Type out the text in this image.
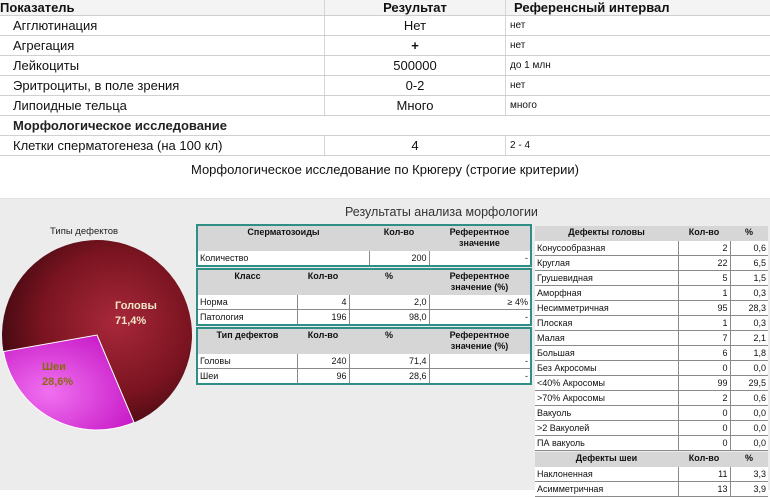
Показатель	Результат	Референсный интервал
Агглютинация	Нет	нет
Агрегация	+	нет
Лейкоциты	500000	до 1 млн
Эритроциты, в поле зрения	0-2	нет
Липоидные тельца	Много	много
Морфологическое исследование		
Клетки сперматогенеза (на 100 кл)	4	2 - 4
Морфологическое исследование по Крюгеру (строгие критерии)
Результаты анализа морфологии
Типы дефектов
Головы
71,4%
Шеи
28,6%
Сперматозоиды	Кол-во	Референтное значение
Количество	200	-
Класс	Кол-во	%	Референтное значение (%)
Норма	4	2,0	≥ 4%
Патология	196	98,0	-
Тип дефектов	Кол-во	%	Референтное значение (%)
Головы	240	71,4	-
Шеи	96	28,6	-
Дефекты головы	Кол-во	%
Конусообразная	2	0,6
Круглая	22	6,5
Грушевидная	5	1,5
Аморфная	1	0,3
Несимметричная	95	28,3
Плоская	1	0,3
Малая	7	2,1
Большая	6	1,8
Без Акросомы	0	0,0
<40% Акросомы	99	29,5
>70% Акросомы	2	0,6
Вакуоль	0	0,0
>2 Вакуолей	0	0,0
ПА вакуоль	0	0,0
Дефекты шеи	Кол-во	%
Наклоненная	11	3,3
Асимметричная	13	3,9
